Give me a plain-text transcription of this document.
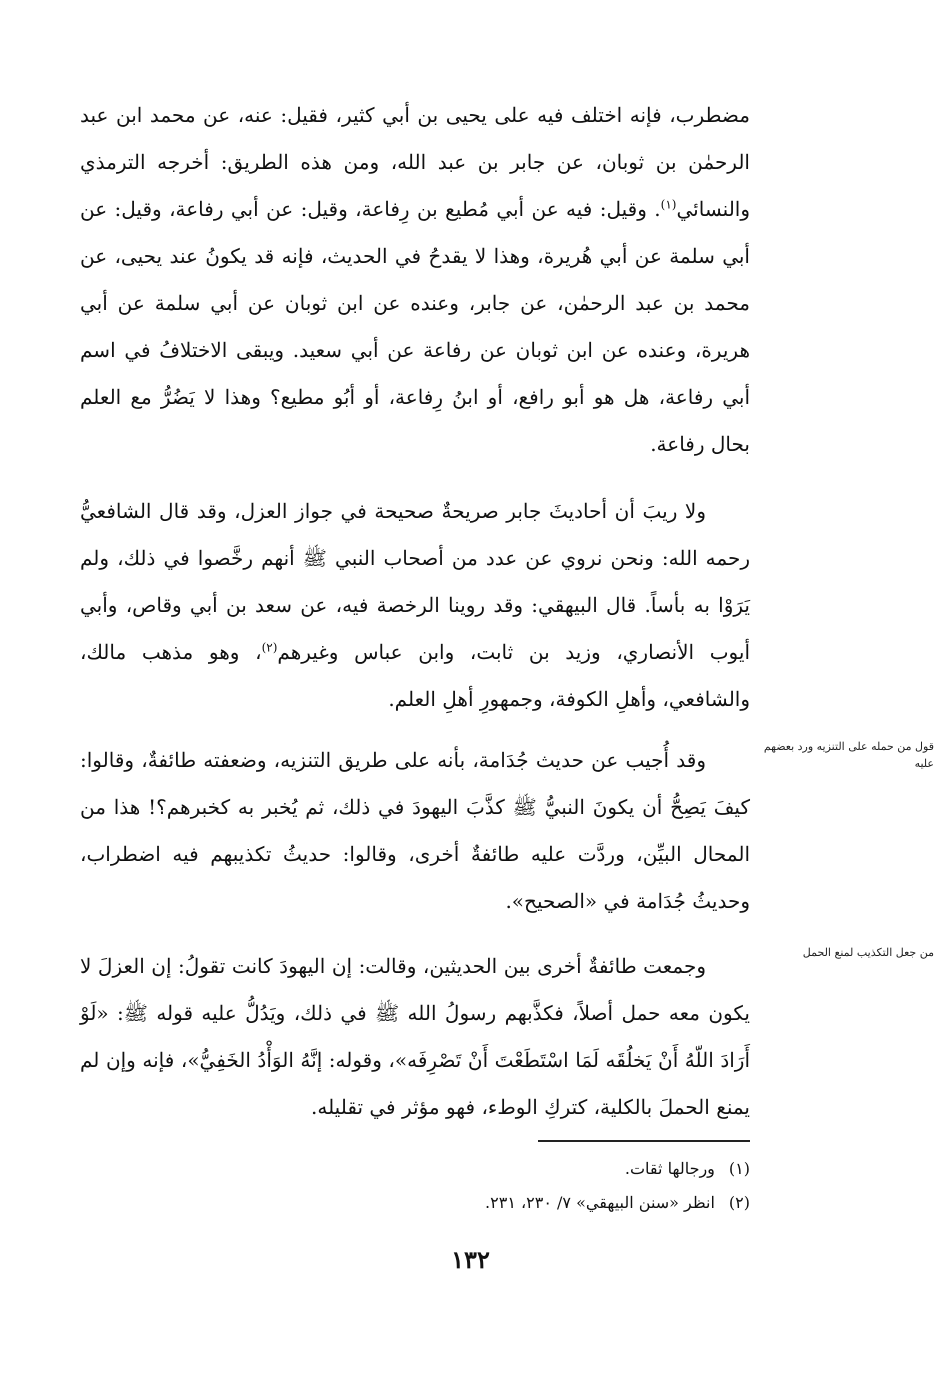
مضطرب، فإنه اختلف فيه على يحيى بن أبي كثير، فقيل: عنه، عن محمد ابن عبد الرحمٰن بن ثوبان، عن جابر بن عبد الله، ومن هذه الطريق: أخرجه الترمذي والنسائي$^{(١)}$. وقيل: فيه عن أبي مُطيع بن رِفاعة، وقيل: عن أبي رفاعة، وقيل: عن أبي سلمة عن أبي هُريرة، وهذا لا يقدحُ في الحديث، فإنه قد يكونُ عند يحيى، عن محمد بن عبد الرحمٰن، عن جابر، وعنده عن ابن ثوبان عن أبي سلمة عن أبي هريرة، وعنده عن ابن ثوبان عن رفاعة عن أبي سعيد. ويبقى الاختلافُ في اسم أبي رفاعة، هل هو أبو رافع، أو ابنُ رِفاعة، أو أبُو مطيع؟ وهذا لا يَضُرُّ مع العلم بحال رفاعة.

ولا ريبَ أن أحاديثَ جابر صريحةٌ صحيحة في جواز العزل، وقد قال الشافعيُّ رحمه الله: ونحن نروي عن عدد من أصحاب النبي ﷺ أنهم رخَّصوا في ذلك، ولم يَرَوْا به بأساً. قال البيهقي: وقد روينا الرخصة فيه، عن سعد بن أبي وقاص، وأبي أيوب الأنصاري، وزيد بن ثابت، وابن عباس وغيرهم$^{(٢)}$، وهو مذهب مالك، والشافعي، وأهلِ الكوفة، وجمهورِ أهلِ العلم.

وقد أُجيب عن حديث جُدَامة، بأنه على طريق التنزيه، وضعفته طائفةٌ، وقالوا: كيفَ يَصِحُّ أن يكونَ النبيُّ ﷺ كذَّبَ اليهودَ في ذلك، ثم يُخبر به كخبرهم؟! هذا من المحال البيِّن، وردَّت عليه طائفةٌ أخرى، وقالوا: حديثُ تكذيبهم فيه اضطراب، وحديثُ جُدَامة في «الصحيح».

وجمعت طائفةٌ أخرى بين الحديثين، وقالت: إن اليهودَ كانت تقولُ: إن العزلَ لا يكون معه حمل أصلاً، فكذَّبهم رسولُ الله ﷺ في ذلك، ويَدُلُّ عليه قوله ﷺ: «لَوْ أَرَادَ اللّهُ أَنْ يَخلُقَه لَمَا اسْتَطَعْتَ أَنْ تَصْرِفَه»، وقوله: إنَّهُ الوَأْدُ الخَفِيُّ»، فإنه وإن لم يمنع الحملَ بالكلية، كتركِ الوطء، فهو مؤثر في تقليله.

قول من حمله على التنزيه ورد بعضهم عليه
من جعل التكذيب لمنع الحمل
(١)
ورجالها ثقات.
(٢)
انظر «سنن البيهقي» ٧/ ٢٣٠، ٢٣١.
١٣٢
